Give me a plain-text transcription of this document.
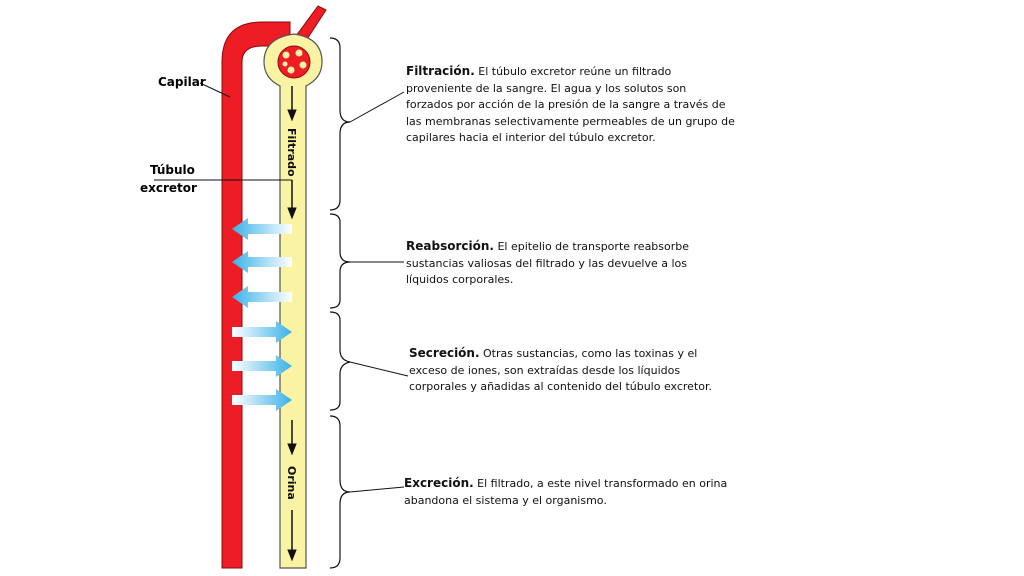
Filtrado
Orina
Capilar
Túbulo
excretor
Filtración. El túbulo excretor reúne un filtrado proveniente de la sangre. El agua y los solutos son forzados por acción de la presión de la sangre a través de las membranas selectivamente permeables de un grupo de capilares hacia el interior del túbulo excretor.
Reabsorción. El epitelio de transporte reabsorbe sustancias valiosas del filtrado y las devuelve a los líquidos corporales.
Secreción. Otras sustancias, como las toxinas y el exceso de iones, son extraídas desde los líquidos corporales y añadidas al contenido del túbulo excretor.
Excreción. El filtrado, a este nivel transformado en orina abandona el sistema y el organismo.
